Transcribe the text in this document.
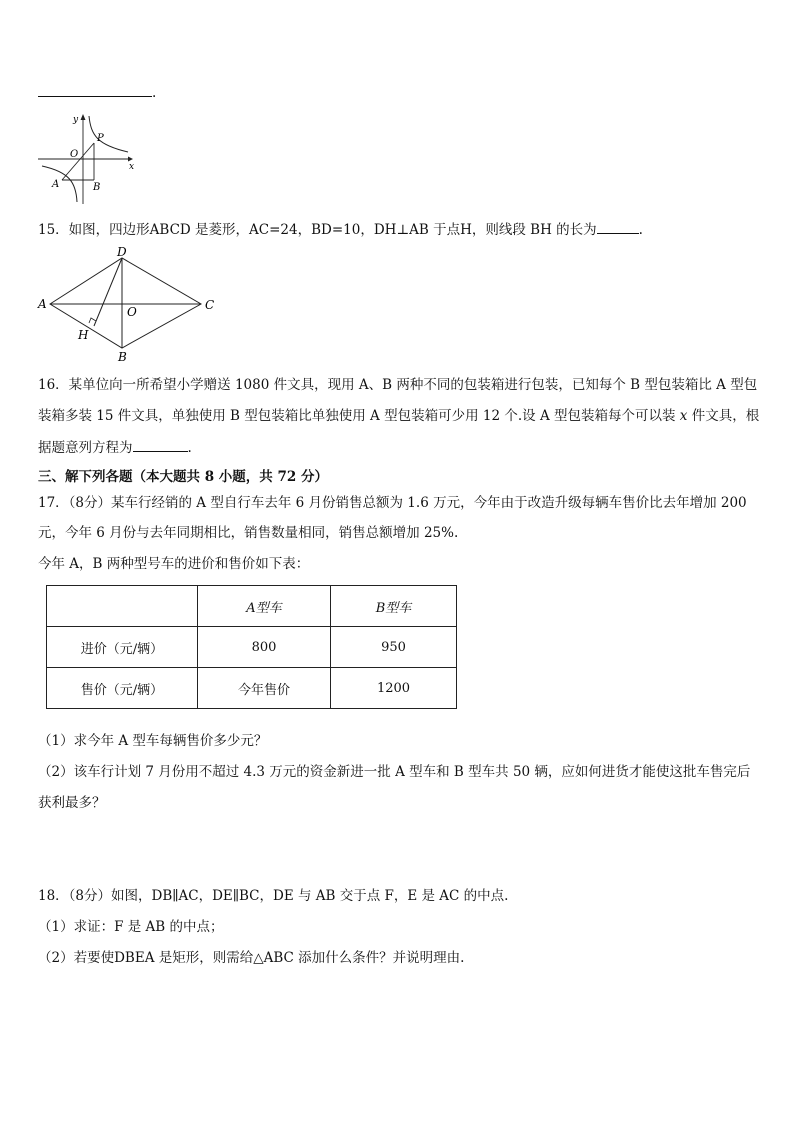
.
x
y
O
P
A	B
15．如图，四边形ABCD 是菱形，AC=24，BD=10，DH⊥AB 于点H，则线段 BH 的长为	.
A
D
C
B
O
H
16．某单位向一所希望小学赠送 1080 件文具，现用 A、B 两种不同的包装箱进行包装，已知每个 B 型包装箱比 A 型包
装箱多装 15 件文具，单独使用 B 型包装箱比单独使用 A 型包装箱可少用 12 个.设 A 型包装箱每个可以装 x 件文具，根
据题意列方程为	.
三、解下列各题（本大题共 8 小题，共 72 分）
17．（8分）某车行经销的 A 型自行车去年 6 月份销售总额为 1.6 万元，今年由于改造升级每辆车售价比去年增加 200
元，今年 6 月份与去年同期相比，销售数量相同，销售总额增加 25%.
今年 A，B 两种型号车的进价和售价如下表：
	A型车	B型车
进价（元/辆）	800	950
售价（元/辆）	今年售价	1200
（1）求今年 A 型车每辆售价多少元？
（2）该车行计划 7 月份用不超过 4.3 万元的资金新进一批 A 型车和 B 型车共 50 辆，应如何进货才能使这批车售完后
获利最多？
18．（8分）如图，DB∥AC，DE∥BC，DE 与 AB 交于点 F，E 是 AC 的中点.
（1）求证：F 是 AB 的中点；
（2）若要使DBEA 是矩形，则需给△ABC 添加什么条件？并说明理由.
